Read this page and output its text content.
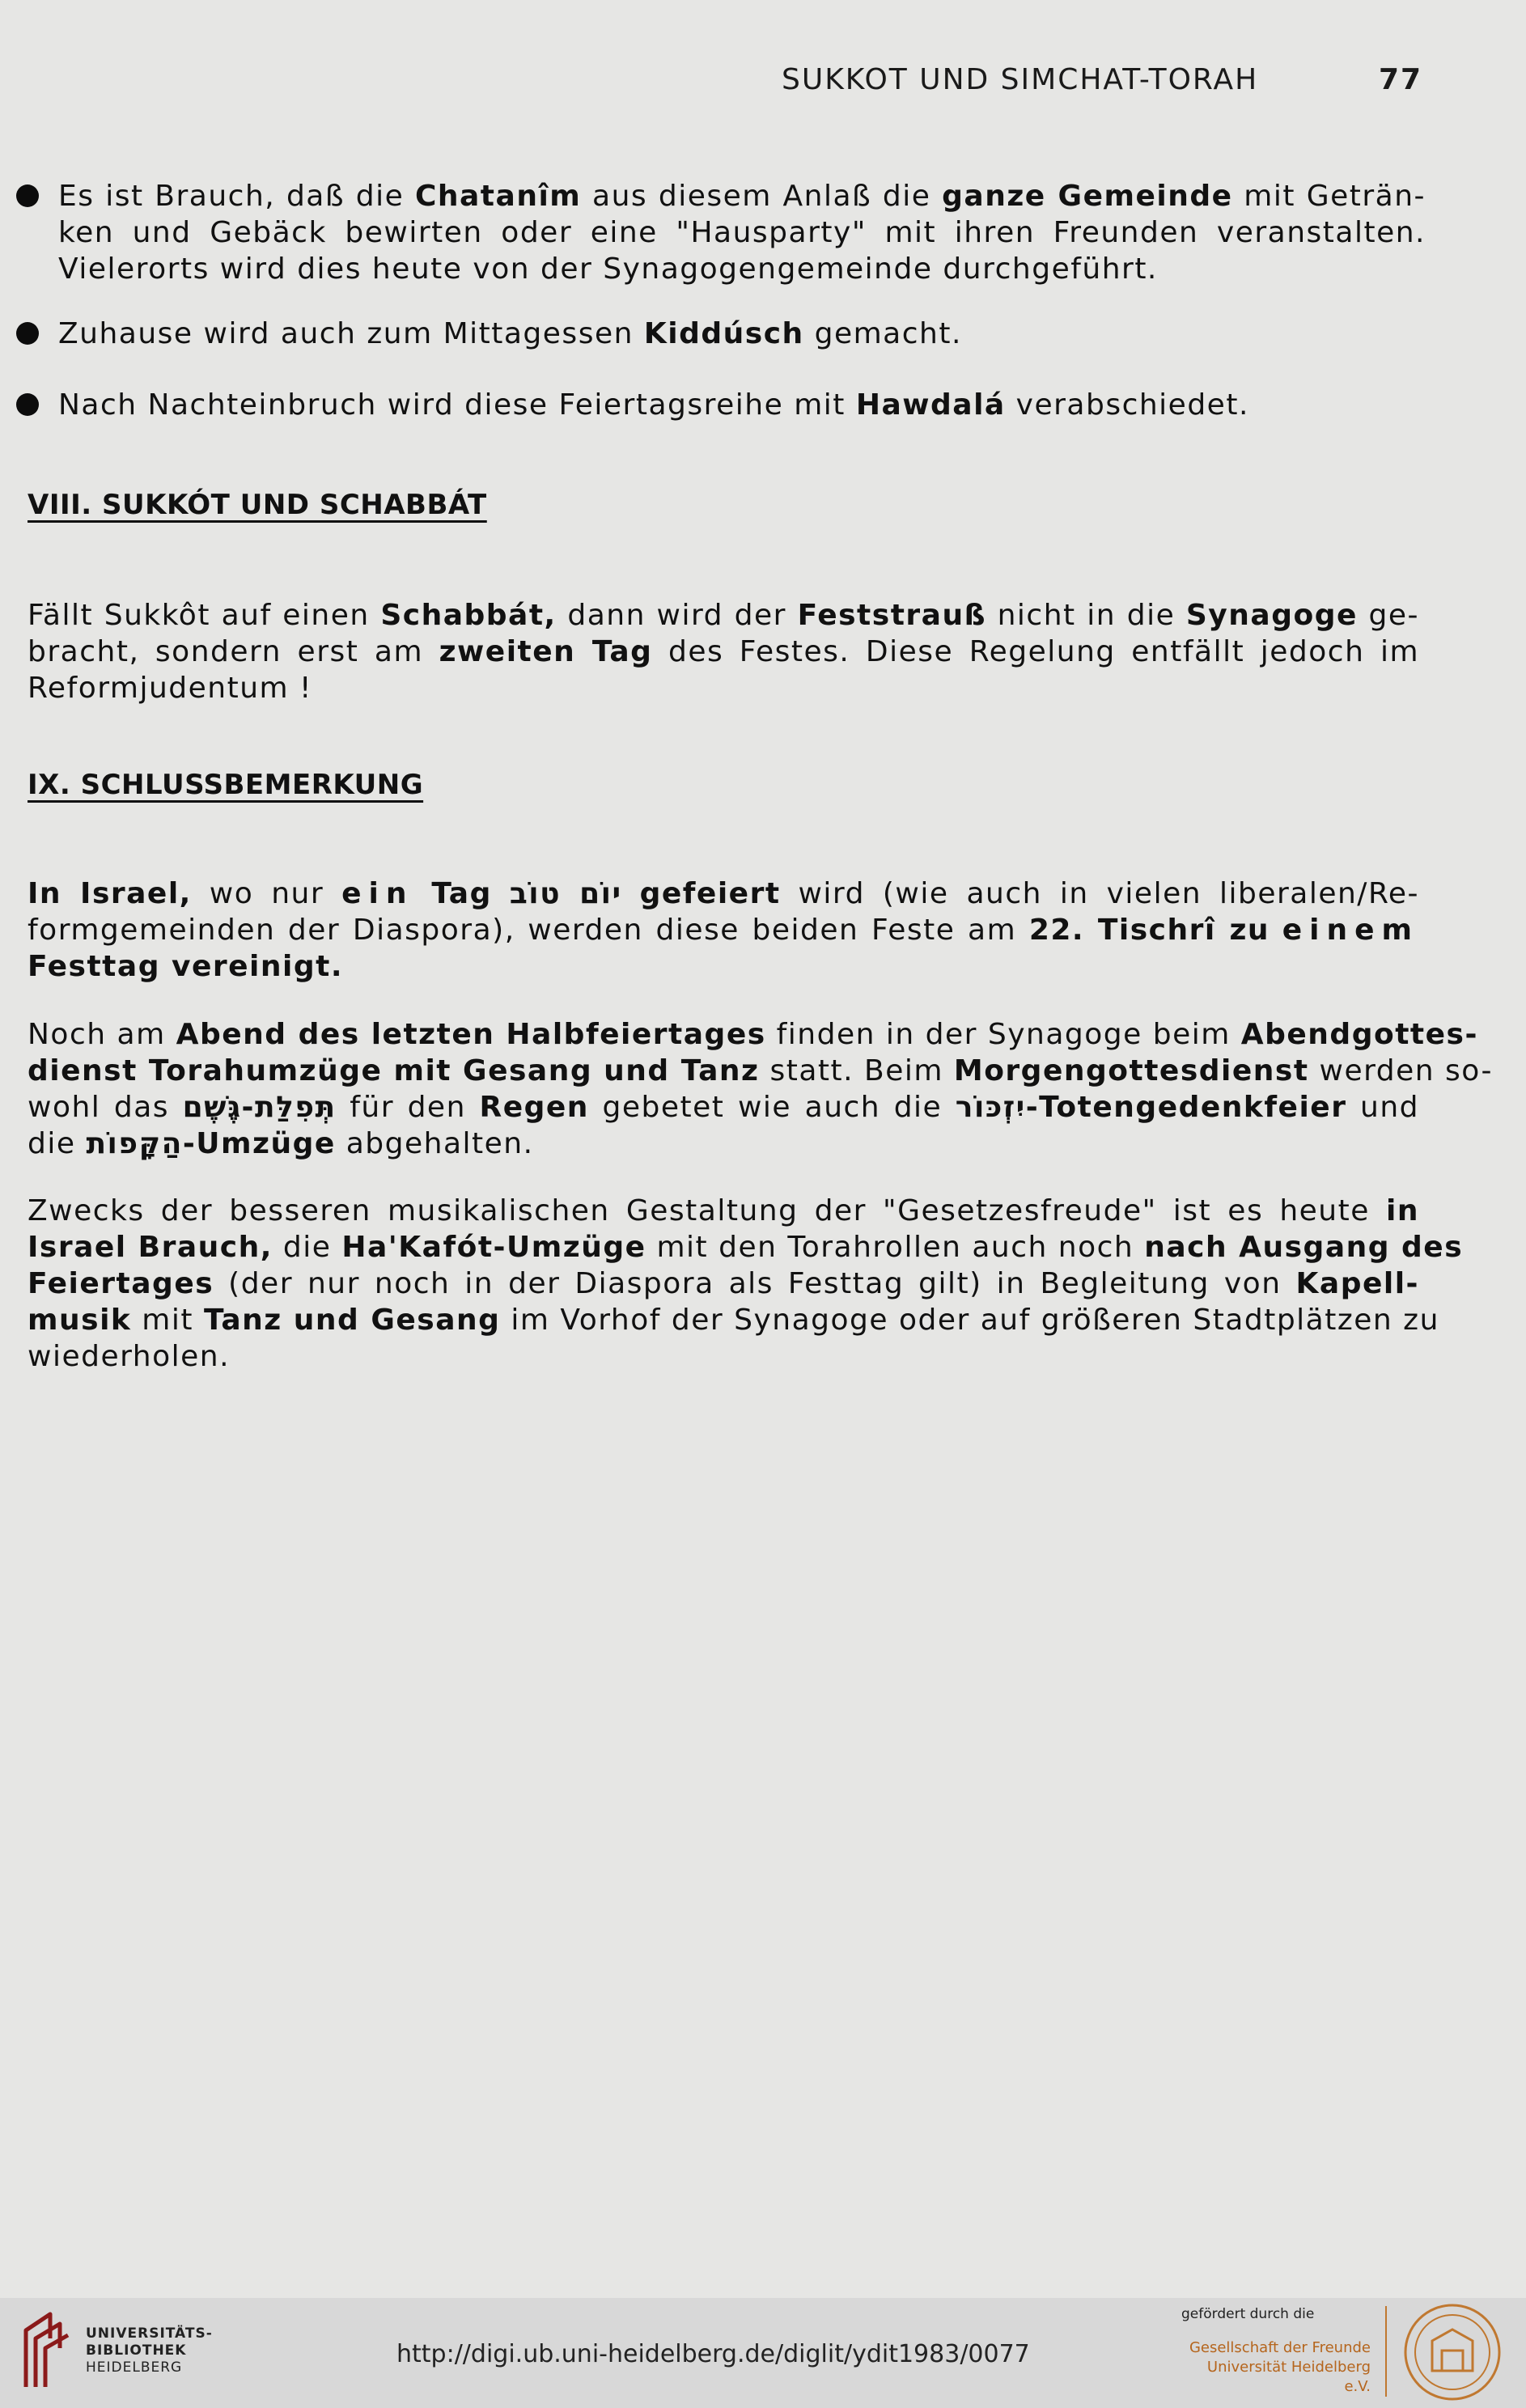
SUKKOT UND SIMCHAT-TORAH	77
Es ist Brauch, daß die Chatanîm aus diesem Anlaß die ganze Gemeinde mit Geträn-
ken und Gebäck bewirten oder eine "Hausparty" mit ihren Freunden veranstalten.
Vielerorts wird dies heute von der Synagogengemeinde durchgeführt.
Zuhause wird auch zum Mittagessen Kiddúsch gemacht.
Nach Nachteinbruch wird diese Feiertagsreihe mit Hawdalá verabschiedet.
VIII. SUKKÓT UND SCHABBÁT
Fällt Sukkôt auf einen Schabbát, dann wird der Feststrauß nicht in die Synagoge ge-
bracht, sondern erst am zweiten Tag des Festes. Diese Regelung entfällt jedoch im
Reformjudentum !
IX. SCHLUSSBEMERKUNG
In Israel, wo nur ein Tag יוֹם טוֹב gefeiert wird (wie auch in vielen liberalen/Re-
formgemeinden der Diaspora), werden diese beiden Feste am 22. Tischrî zu einem
Festtag vereinigt.
Noch am Abend des letzten Halbfeiertages finden in der Synagoge beim Abendgottes-
dienst Torahumzüge mit Gesang und Tanz statt. Beim Morgengottesdienst werden so-
wohl das תְּפִלַּת-גֶּשֶׁם für den Regen gebetet wie auch die יִזְכּוֹר-Totengedenkfeier und
die הַקָּפוֹת-Umzüge abgehalten.
Zwecks der besseren musikalischen Gestaltung der "Gesetzesfreude" ist es heute in
Israel Brauch, die Ha'Kafót-Umzüge mit den Torahrollen auch noch nach Ausgang des
Feiertages (der nur noch in der Diaspora als Festtag gilt) in Begleitung von Kapell-
musik mit Tanz und Gesang im Vorhof der Synagoge oder auf größeren Stadtplätzen zu
wiederholen.
UNIVERSITÄTS-
BIBLIOTHEK
HEIDELBERG	http://digi.ub.uni-heidelberg.de/diglit/ydit1983/0077
gefördert durch die
Gesellschaft der Freunde
Universität Heidelberg e.V.
